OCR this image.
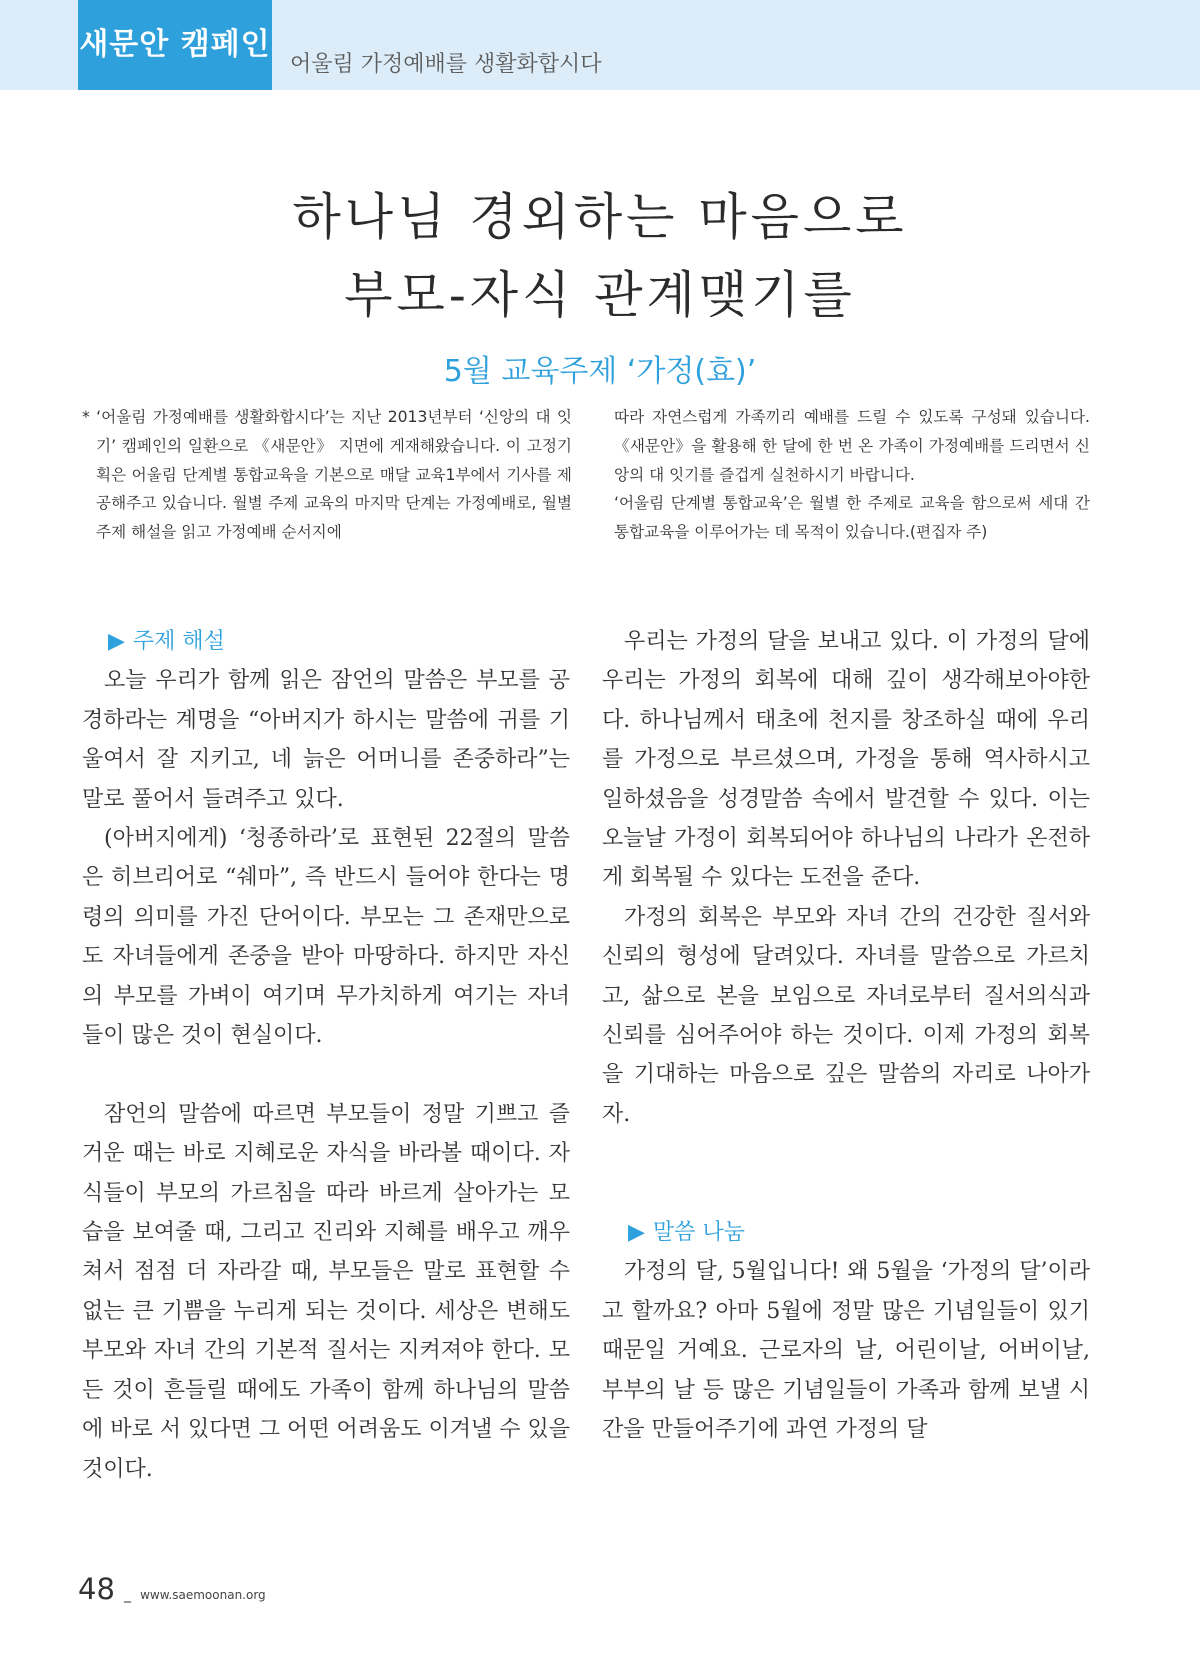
새문안 캠페인
어울림 가정예배를 생활화합시다
하나님 경외하는 마음으로
부모-자식 관계맺기를
5월 교육주제 ‘가정(효)’

* ‘어울림 가정예배를 생활화합시다’는 지난 2013년부터 ‘신앙의 대 잇기’ 캠페인의 일환으로 《새문안》 지면에 게재해왔습니다. 이 고정기획은 어울림 단계별 통합교육을 기본으로 매달 교육1부에서 기사를 제공해주고 있습니다. 월별 주제 교육의 마지막 단계는 가정예배로, 월별 주제 해설을 읽고 가정예배 순서지에

따라 자연스럽게 가족끼리 예배를 드릴 수 있도록 구성돼 있습니다. 《새문안》을 활용해 한 달에 한 번 온 가족이 가정예배를 드리면서 신앙의 대 잇기를 즐겁게 실천하시기 바랍니다.

‘어울림 단계별 통합교육’은 월별 한 주제로 교육을 함으로써 세대 간 통합교육을 이루어가는 데 목적이 있습니다.(편집자 주)

▶ 주제 해설

오늘 우리가 함께 읽은 잠언의 말씀은 부모를 공경하라는 계명을 “아버지가 하시는 말씀에 귀를 기울여서 잘 지키고, 네 늙은 어머니를 존중하라”는 말로 풀어서 들려주고 있다.

(아버지에게) ‘청종하라’로 표현된 22절의 말씀은 히브리어로 “쉐마”, 즉 반드시 들어야 한다는 명령의 의미를 가진 단어이다. 부모는 그 존재만으로도 자녀들에게 존중을 받아 마땅하다. 하지만 자신의 부모를 가벼이 여기며 무가치하게 여기는 자녀들이 많은 것이 현실이다.

잠언의 말씀에 따르면 부모들이 정말 기쁘고 즐거운 때는 바로 지혜로운 자식을 바라볼 때이다. 자식들이 부모의 가르침을 따라 바르게 살아가는 모습을 보여줄 때, 그리고 진리와 지혜를 배우고 깨우쳐서 점점 더 자라갈 때, 부모들은 말로 표현할 수 없는 큰 기쁨을 누리게 되는 것이다. 세상은 변해도 부모와 자녀 간의 기본적 질서는 지켜져야 한다. 모든 것이 흔들릴 때에도 가족이 함께 하나님의 말씀에 바로 서 있다면 그 어떤 어려움도 이겨낼 수 있을 것이다.

우리는 가정의 달을 보내고 있다. 이 가정의 달에 우리는 가정의 회복에 대해 깊이 생각해보아야한다. 하나님께서 태초에 천지를 창조하실 때에 우리를 가정으로 부르셨으며, 가정을 통해 역사하시고 일하셨음을 성경말씀 속에서 발견할 수 있다. 이는 오늘날 가정이 회복되어야 하나님의 나라가 온전하게 회복될 수 있다는 도전을 준다.

가정의 회복은 부모와 자녀 간의 건강한 질서와 신뢰의 형성에 달려있다. 자녀를 말씀으로 가르치고, 삶으로 본을 보임으로 자녀로부터 질서의식과 신뢰를 심어주어야 하는 것이다. 이제 가정의 회복을 기대하는 마음으로 깊은 말씀의 자리로 나아가자.

▶ 말씀 나눔

가정의 달, 5월입니다! 왜 5월을 ‘가정의 달’이라고 할까요? 아마 5월에 정말 많은 기념일들이 있기 때문일 거예요. 근로자의 날, 어린이날, 어버이날, 부부의 날 등 많은 기념일들이 가족과 함께 보낼 시간을 만들어주기에 과연 가정의 달

48 _ www.saemoonan.org
